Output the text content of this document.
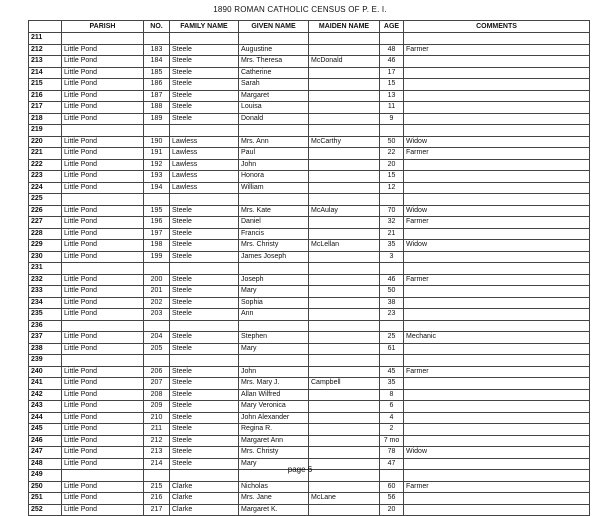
1890 ROMAN CATHOLIC CENSUS OF P. E. I.
	PARISH	NO.	FAMILY NAME	GIVEN NAME	MAIDEN NAME	AGE	COMMENTS
211							
212	Little Pond	183	Steele	Augustine		48	Farmer
213	Little Pond	184	Steele	Mrs. Theresa	McDonald	46	
214	Little Pond	185	Steele	Catherine		17	
215	Little Pond	186	Steele	Sarah		15	
216	Little Pond	187	Steele	Margaret		13	
217	Little Pond	188	Steele	Louisa		11	
218	Little Pond	189	Steele	Donald		9	
219							
220	Little Pond	190	Lawless	Mrs. Ann	McCarthy	50	Widow
221	Little Pond	191	Lawless	Paul		22	Farmer
222	Little Pond	192	Lawless	John		20	
223	Little Pond	193	Lawless	Honora		15	
224	Little Pond	194	Lawless	William		12	
225							
226	Little Pond	195	Steele	Mrs. Kate	McAulay	70	Widow
227	Little Pond	196	Steele	Daniel		32	Farmer
228	Little Pond	197	Steele	Francis		21	
229	Little Pond	198	Steele	Mrs. Christy	McLellan	35	Widow
230	Little Pond	199	Steele	James Joseph		3	
231							
232	Little Pond	200	Steele	Joseph		46	Farmer
233	Little Pond	201	Steele	Mary		50	
234	Little Pond	202	Steele	Sophia		38	
235	Little Pond	203	Steele	Ann		23	
236							
237	Little Pond	204	Steele	Stephen		25	Mechanic
238	Little Pond	205	Steele	Mary		61	
239							
240	Little Pond	206	Steele	John		45	Farmer
241	Little Pond	207	Steele	Mrs. Mary J.	Campbell	35	
242	Little Pond	208	Steele	Allan Wilfred		8	
243	Little Pond	209	Steele	Mary Veronica		6	
244	Little Pond	210	Steele	John Alexander		4	
245	Little Pond	211	Steele	Regina R.		2	
246	Little Pond	212	Steele	Margaret Ann		7 mo	
247	Little Pond	213	Steele	Mrs. Christy		78	Widow
248	Little Pond	214	Steele	Mary		47	
249							
250	Little Pond	215	Clarke	Nicholas		60	Farmer
251	Little Pond	216	Clarke	Mrs. Jane	McLane	56	
252	Little Pond	217	Clarke	Margaret K.		20	
page 6
